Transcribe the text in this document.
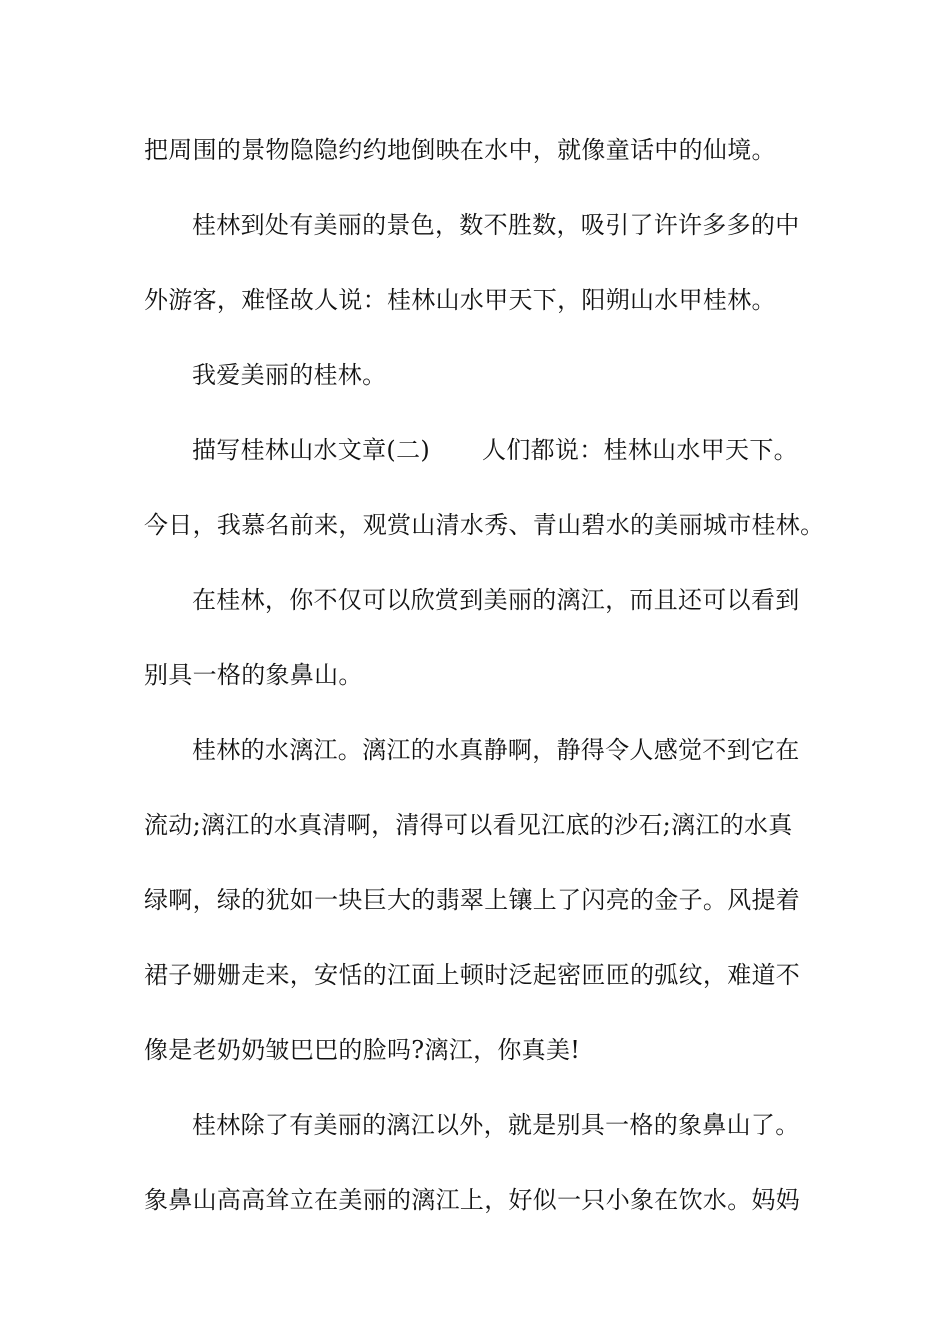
把周围的景物隐隐约约地倒映在水中，就像童话中的仙境。
桂林到处有美丽的景色，数不胜数，吸引了许许多多的中
外游客，难怪故人说：桂林山水甲天下，阳朔山水甲桂林。
我爱美丽的桂林。
描写桂林山水文章(二) 人们都说：桂林山水甲天下。
今日，我慕名前来，观赏山清水秀、青山碧水的美丽城市桂林。
在桂林，你不仅可以欣赏到美丽的漓江，而且还可以看到
别具一格的象鼻山。
桂林的水漓江。漓江的水真静啊，静得令人感觉不到它在
流动;漓江的水真清啊，清得可以看见江底的沙石;漓江的水真
绿啊，绿的犹如一块巨大的翡翠上镶上了闪亮的金子。风提着
裙子姗姗走来，安恬的江面上顿时泛起密匝匝的弧纹，难道不
像是老奶奶皱巴巴的脸吗?漓江，你真美!
桂林除了有美丽的漓江以外，就是别具一格的象鼻山了。
象鼻山高高耸立在美丽的漓江上，好似一只小象在饮水。妈妈
